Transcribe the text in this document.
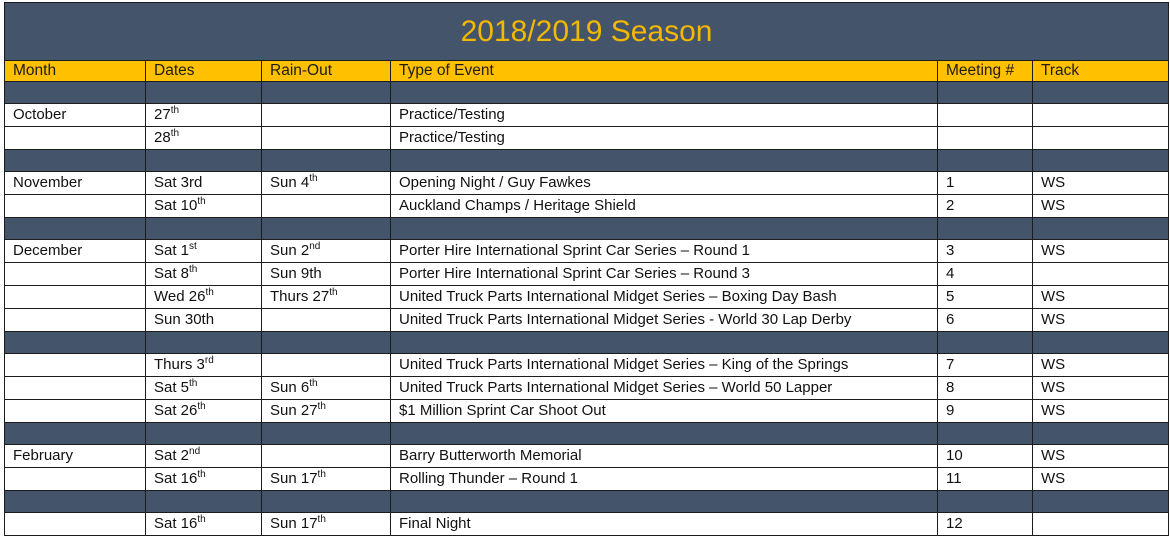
2018/2019 Season					
Month	Dates	Rain-Out	Type of Event	Meeting #	Track

October	27th		Practice/Testing		
	28th		Practice/Testing		

November	Sat 3rd	Sun 4th	Opening Night / Guy Fawkes	1	WS
	Sat 10th		Auckland Champs / Heritage Shield	2	WS

December	Sat 1st	Sun 2nd	Porter Hire International Sprint Car Series – Round 1	3	WS
	Sat 8th	Sun 9th	Porter Hire International Sprint Car Series – Round 3	4	
	Wed 26th	Thurs 27th	United Truck Parts International Midget Series – Boxing Day Bash	5	WS
	Sun 30th		United Truck Parts International Midget Series - World 30 Lap Derby	6	WS

	Thurs 3rd		United Truck Parts International Midget Series – King of the Springs	7	WS
	Sat 5th	Sun 6th	United Truck Parts International Midget Series – World 50 Lapper	8	WS
	Sat 26th	Sun 27th	$1 Million Sprint Car Shoot Out	9	WS

February	Sat 2nd		Barry Butterworth Memorial	10	WS
	Sat 16th	Sun 17th	Rolling Thunder – Round 1	11	WS

	Sat 16th	Sun 17th	Final Night	12	
